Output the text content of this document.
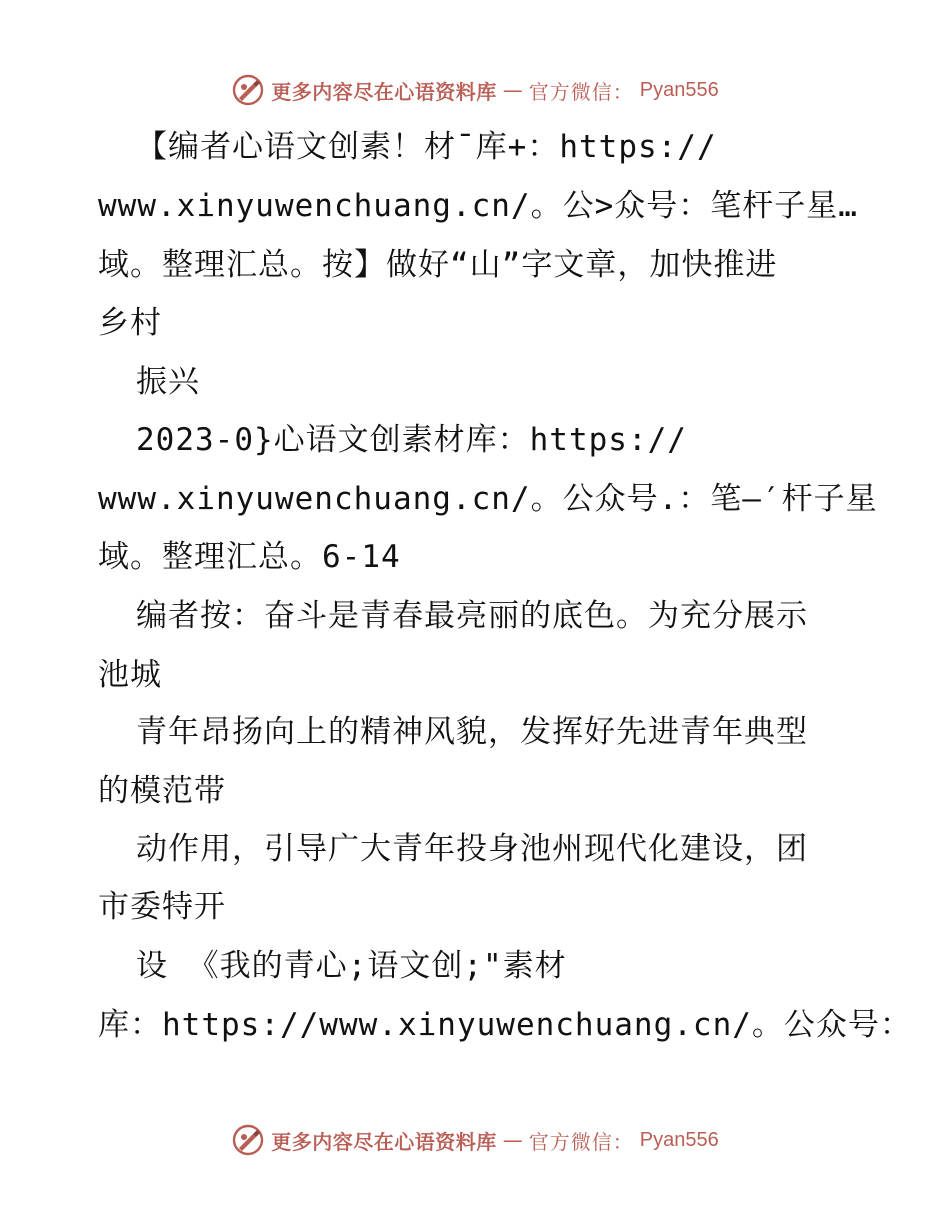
更多内容尽在心语资料库 — 官方微信： Pyan556
【编者心语文创素！材¯库+：https://
www.xinyuwenchuang.cn/。公>众号：笔杆子星…
域。整理汇总。按】做好“山”字文章，加快推进
乡村
振兴
2023-0}心语文创素材库：https://
www.xinyuwenchuang.cn/。公众号.：笔—′杆子星
域。整理汇总。6-14
编者按：奋斗是青春最亮丽的底色。为充分展示
池城
青年昂扬向上的精神风貌，发挥好先进青年典型
的模范带
动作用，引导广大青年投身池州现代化建设，团
市委特开
设 《我的青心;语文创;"素材
库：https://www.xinyuwenchuang.cn/。公众号：
更多内容尽在心语资料库 — 官方微信： Pyan556
